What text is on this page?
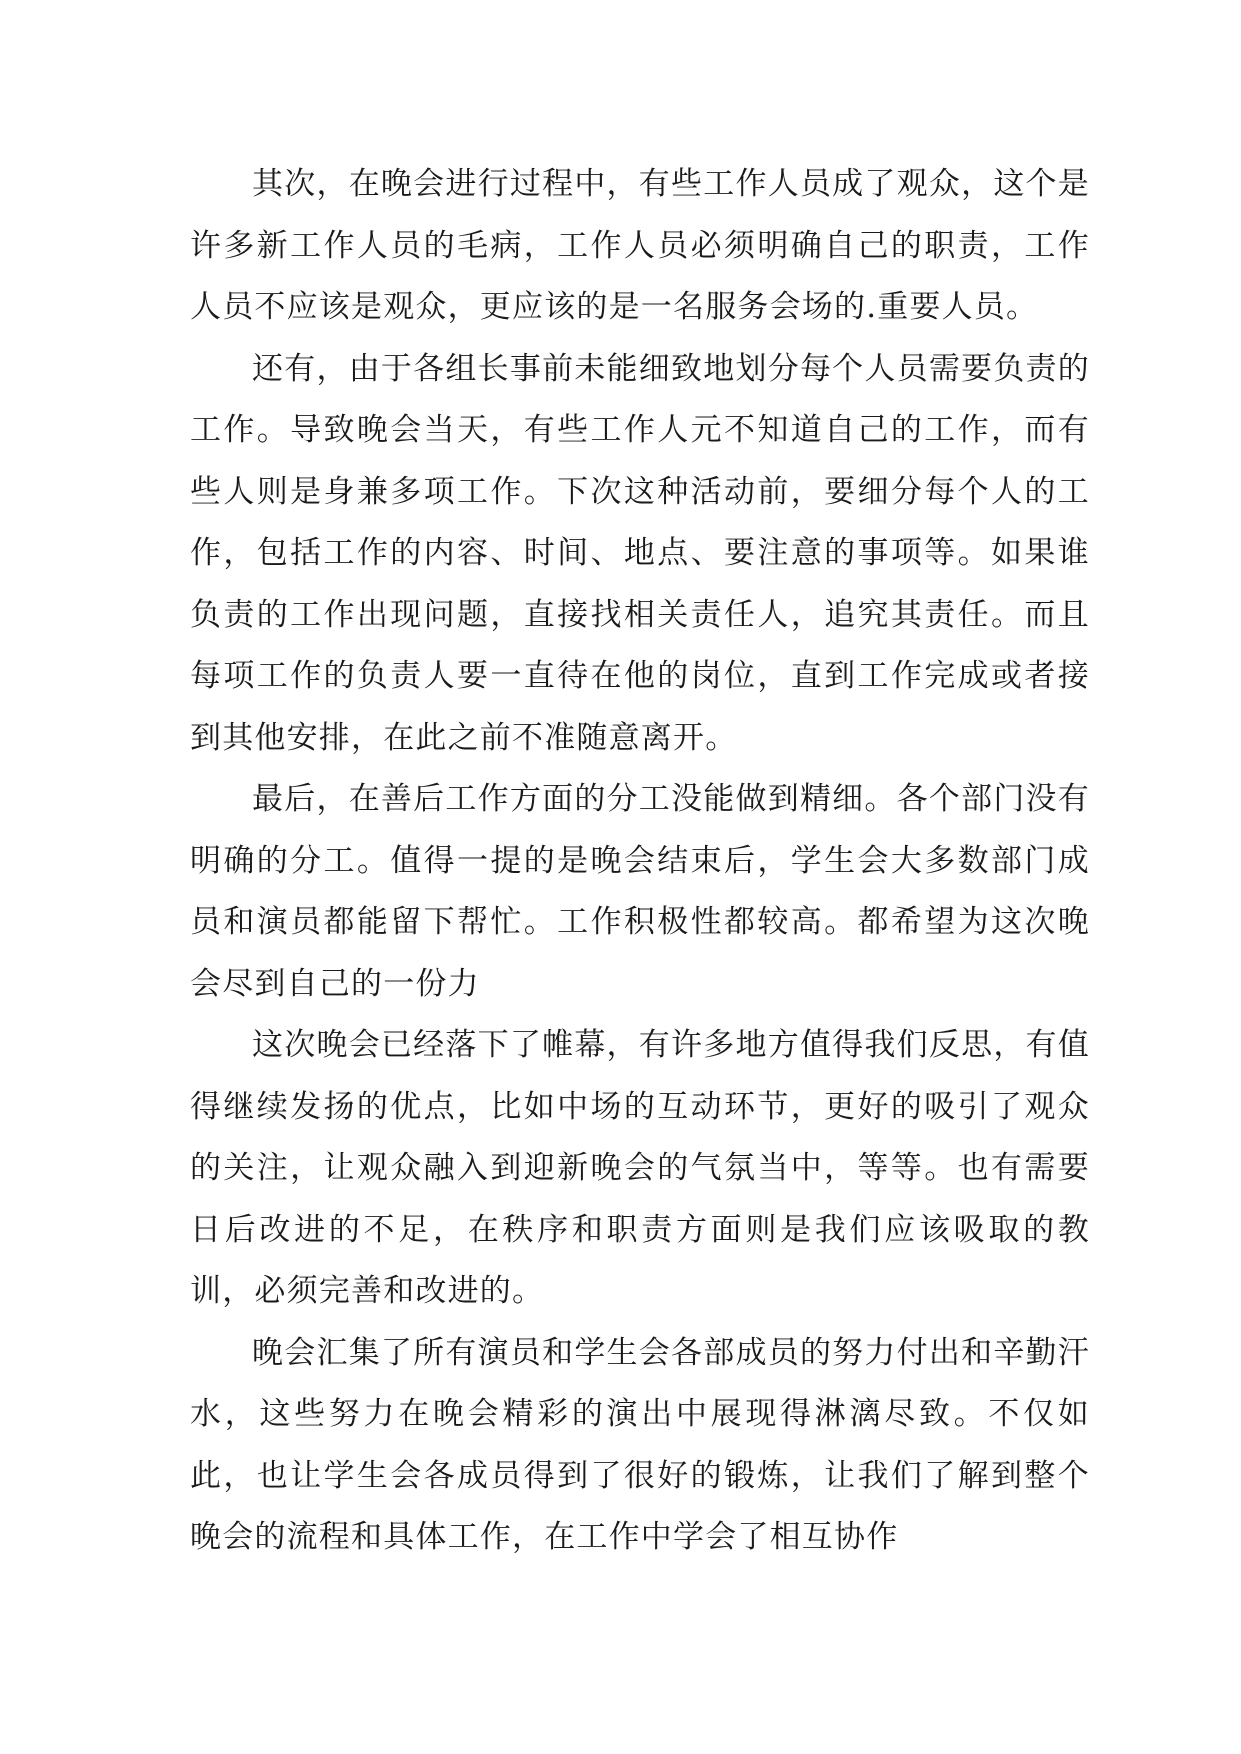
其次，在晚会进行过程中，有些工作人员成了观众，这个是许多新工作人员的毛病，工作人员必须明确自己的职责，工作人员不应该是观众，更应该的是一名服务会场的.重要人员。

还有，由于各组长事前未能细致地划分每个人员需要负责的工作。导致晚会当天，有些工作人元不知道自己的工作，而有些人则是身兼多项工作。下次这种活动前，要细分每个人的工作，包括工作的内容、时间、地点、要注意的事项等。如果谁负责的工作出现问题，直接找相关责任人，追究其责任。而且每项工作的负责人要一直待在他的岗位，直到工作完成或者接到其他安排，在此之前不准随意离开。

最后，在善后工作方面的分工没能做到精细。各个部门没有明确的分工。值得一提的是晚会结束后，学生会大多数部门成员和演员都能留下帮忙。工作积极性都较高。都希望为这次晚会尽到自己的一份力

这次晚会已经落下了帷幕，有许多地方值得我们反思，有值得继续发扬的优点，比如中场的互动环节，更好的吸引了观众的关注，让观众融入到迎新晚会的气氛当中，等等。也有需要日后改进的不足，在秩序和职责方面则是我们应该吸取的教训，必须完善和改进的。

晚会汇集了所有演员和学生会各部成员的努力付出和辛勤汗水，这些努力在晚会精彩的演出中展现得淋漓尽致。不仅如此，也让学生会各成员得到了很好的锻炼，让我们了解到整个晚会的流程和具体工作，在工作中学会了相互协作
